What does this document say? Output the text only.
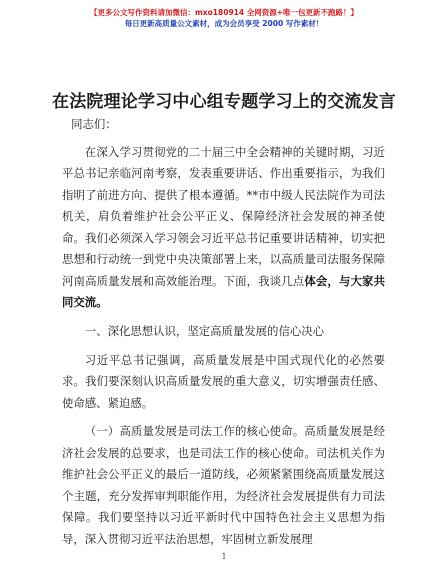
【更多公文写作资料请加微信：mxo180914 全网资源+唯一包更新不跑路！】
每日更新高质量公文素材，成为会员享受 2000 写作素材！
在法院理论学习中心组专题学习上的交流发言

同志们：

在深入学习贯彻党的二十届三中全会精神的关键时期，习近平总书记亲临河南考察，发表重要讲话、作出重要指示，为我们指明了前进方向、提供了根本遵循。**市中级人民法院作为司法机关，肩负着维护社会公平正义、保障经济社会发展的神圣使命。我们必须深入学习领会习近平总书记重要讲话精神，切实把思想和行动统一到党中央决策部署上来，以高质量司法服务保障河南高质量发展和高效能治理。下面，我谈几点体会，与大家共同交流。

一、深化思想认识，坚定高质量发展的信心决心

习近平总书记强调，高质量发展是中国式现代化的必然要求。我们要深刻认识高质量发展的重大意义，切实增强责任感、使命感、紧迫感。

（一）高质量发展是司法工作的核心使命。高质量发展是经济社会发展的总要求，也是司法工作的核心使命。司法机关作为维护社会公平正义的最后一道防线，必须紧紧围绕高质量发展这个主题，充分发挥审判职能作用，为经济社会发展提供有力司法保障。我们要坚持以习近平新时代中国特色社会主义思想为指导，深入贯彻习近平法治思想，牢固树立新发展理

1
